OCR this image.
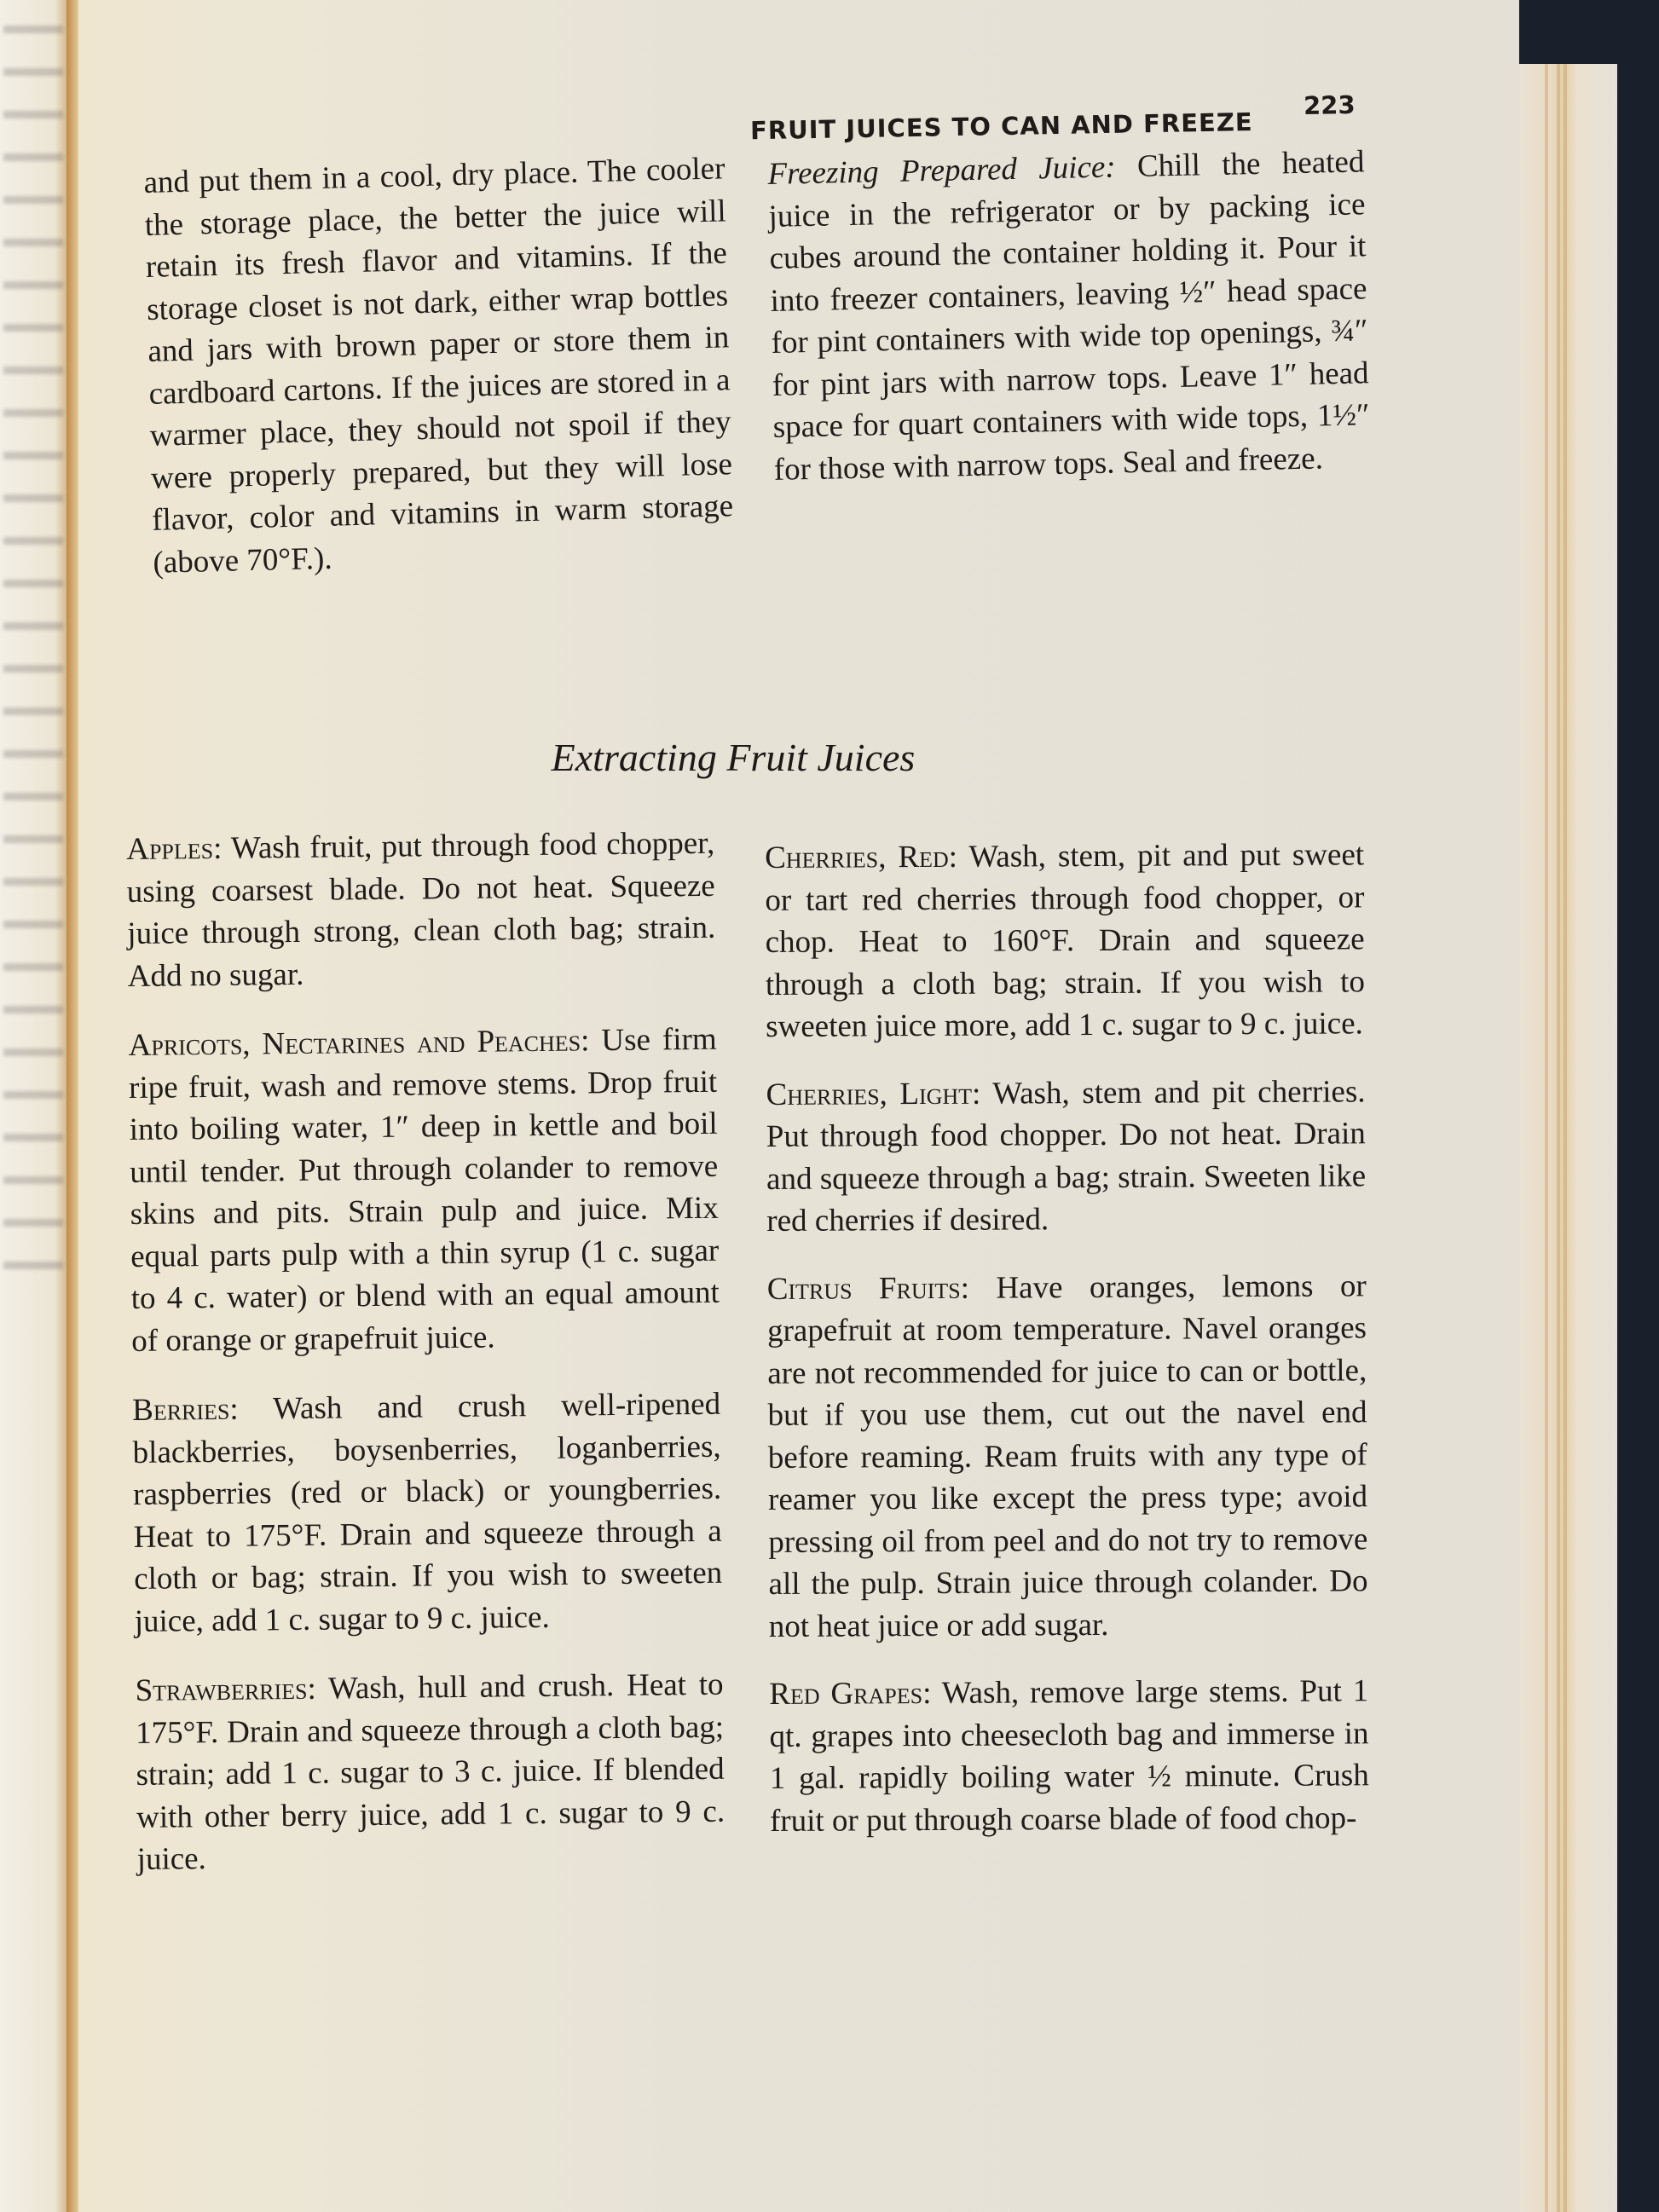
FRUIT JUICES TO CAN AND FREEZE
223

and put them in a cool, dry place. The cooler the storage place, the better the juice will retain its fresh flavor and vitamins. If the storage closet is not dark, either wrap bottles and jars with brown paper or store them in cardboard cartons. If the juices are stored in a warmer place, they should not spoil if they were properly prepared, but they will lose flavor, color and vitamins in warm storage (above 70°F.).

Freezing Prepared Juice: Chill the heated juice in the refrigerator or by packing ice cubes around the container holding it. Pour it into freezer containers, leaving ½″ head space for pint containers with wide top openings, ¾″ for pint jars with narrow tops. Leave 1″ head space for quart containers with wide tops, 1½″ for those with narrow tops. Seal and freeze.

Extracting Fruit Juices

Apples: Wash fruit, put through food chopper, using coarsest blade. Do not heat. Squeeze juice through strong, clean cloth bag; strain. Add no sugar.

Apricots, Nectarines and Peaches: Use firm ripe fruit, wash and remove stems. Drop fruit into boiling water, 1″ deep in kettle and boil until tender. Put through colander to remove skins and pits. Strain pulp and juice. Mix equal parts pulp with a thin syrup (1 c. sugar to 4 c. water) or blend with an equal amount of orange or grapefruit juice.

Berries: Wash and crush well-ripened blackberries, boysenberries, loganberries, raspberries (red or black) or youngberries. Heat to 175°F. Drain and squeeze through a cloth or bag; strain. If you wish to sweeten juice, add 1 c. sugar to 9 c. juice.

Strawberries: Wash, hull and crush. Heat to 175°F. Drain and squeeze through a cloth bag; strain; add 1 c. sugar to 3 c. juice. If blended with other berry juice, add 1 c. sugar to 9 c. juice.

Cherries, Red: Wash, stem, pit and put sweet or tart red cherries through food chopper, or chop. Heat to 160°F. Drain and squeeze through a cloth bag; strain. If you wish to sweeten juice more, add 1 c. sugar to 9 c. juice.

Cherries, Light: Wash, stem and pit cherries. Put through food chopper. Do not heat. Drain and squeeze through a bag; strain. Sweeten like red cherries if desired.

Citrus Fruits: Have oranges, lemons or grapefruit at room temperature. Navel oranges are not recommended for juice to can or bottle, but if you use them, cut out the navel end before reaming. Ream fruits with any type of reamer you like except the press type; avoid pressing oil from peel and do not try to remove all the pulp. Strain juice through colander. Do not heat juice or add sugar.

Red Grapes: Wash, remove large stems. Put 1 qt. grapes into cheesecloth bag and immerse in 1 gal. rapidly boiling water ½ minute. Crush fruit or put through coarse blade of food chop-
